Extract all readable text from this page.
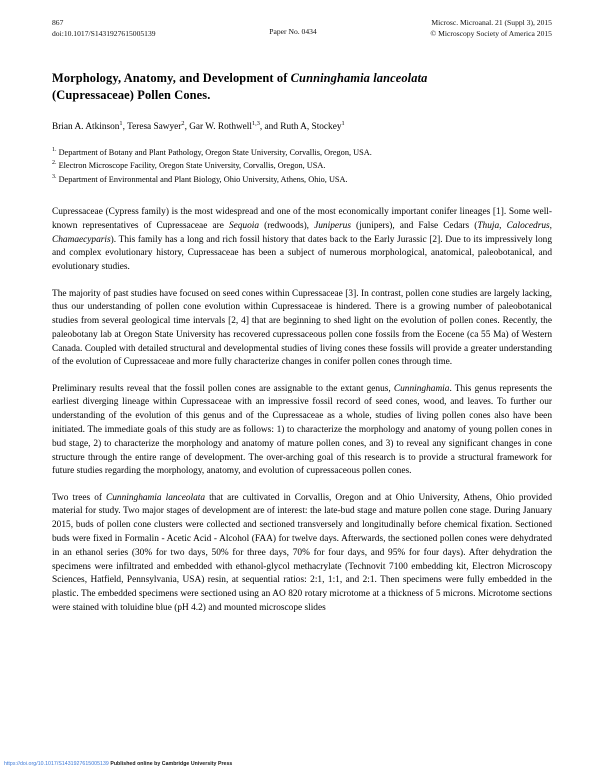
867
doi:10.1017/S1431927615005139	Paper No. 0434
Microsc. Microanal. 21 (Suppl 3), 2015
© Microscopy Society of America 2015
Morphology, Anatomy, and Development of Cunninghamia lanceolata
(Cupressaceae) Pollen Cones.
Brian A. Atkinson$^1$, Teresa Sawyer$^2$, Gar W. Rothwell$^{1,3}$, and Ruth A, Stockey$^1$
$^{1.}$ Department of Botany and Plant Pathology, Oregon State University, Corvallis, Oregon, USA.
$^{2.}$ Electron Microscope Facility, Oregon State University, Corvallis, Oregon, USA.
$^{3.}$ Department of Environmental and Plant Biology, Ohio University, Athens, Ohio, USA.

Cupressaceae (Cypress family) is the most widespread and one of the most economically important conifer lineages [1]. Some well-known representatives of Cupressaceae are Sequoia (redwoods), Juniperus (junipers), and False Cedars (Thuja, Calocedrus, Chamaecyparis). This family has a long and rich fossil history that dates back to the Early Jurassic [2]. Due to its impressively long and complex evolutionary history, Cupressaceae has been a subject of numerous morphological, anatomical, paleobotanical, and evolutionary studies.

The majority of past studies have focused on seed cones within Cupressaceae [3]. In contrast, pollen cone studies are largely lacking, thus our understanding of pollen cone evolution within Cupressaceae is hindered. There is a growing number of paleobotanical studies from several geological time intervals [2, 4] that are beginning to shed light on the evolution of pollen cones. Recently, the paleobotany lab at Oregon State University has recovered cupressaceous pollen cone fossils from the Eocene (ca 55 Ma) of Western Canada. Coupled with detailed structural and developmental studies of living cones these fossils will provide a greater understanding of the evolution of Cupressaceae and more fully characterize changes in conifer pollen cones through time.

Preliminary results reveal that the fossil pollen cones are assignable to the extant genus, Cunninghamia. This genus represents the earliest diverging lineage within Cupressaceae with an impressive fossil record of seed cones, wood, and leaves. To further our understanding of the evolution of this genus and of the Cupressaceae as a whole, studies of living pollen cones also have been initiated. The immediate goals of this study are as follows: 1) to characterize the morphology and anatomy of young pollen cones in bud stage, 2) to characterize the morphology and anatomy of mature pollen cones, and 3) to reveal any significant changes in cone structure through the entire range of development. The over-arching goal of this research is to provide a structural framework for future studies regarding the morphology, anatomy, and evolution of cupressaceous pollen cones.

Two trees of Cunninghamia lanceolata that are cultivated in Corvallis, Oregon and at Ohio University, Athens, Ohio provided material for study. Two major stages of development are of interest: the late-bud stage and mature pollen cone stage. During January 2015, buds of pollen cone clusters were collected and sectioned transversely and longitudinally before chemical fixation. Sectioned buds were fixed in Formalin - Acetic Acid - Alcohol (FAA) for twelve days. Afterwards, the sectioned pollen cones were dehydrated in an ethanol series (30% for two days, 50% for three days, 70% for four days, and 95% for four days). After dehydration the specimens were infiltrated and embedded with ethanol-glycol methacrylate (Technovit 7100 embedding kit, Electron Microscopy Sciences, Hatfield, Pennsylvania, USA) resin, at sequential ratios: 2:1, 1:1, and 2:1. Then specimens were fully embedded in the plastic. The embedded specimens were sectioned using an AO 820 rotary microtome at a thickness of 5 microns. Microtome sections were stained with toluidine blue (pH 4.2) and mounted microscope slides

https://doi.org/10.1017/S1431927615005139 Published online by Cambridge University Press
